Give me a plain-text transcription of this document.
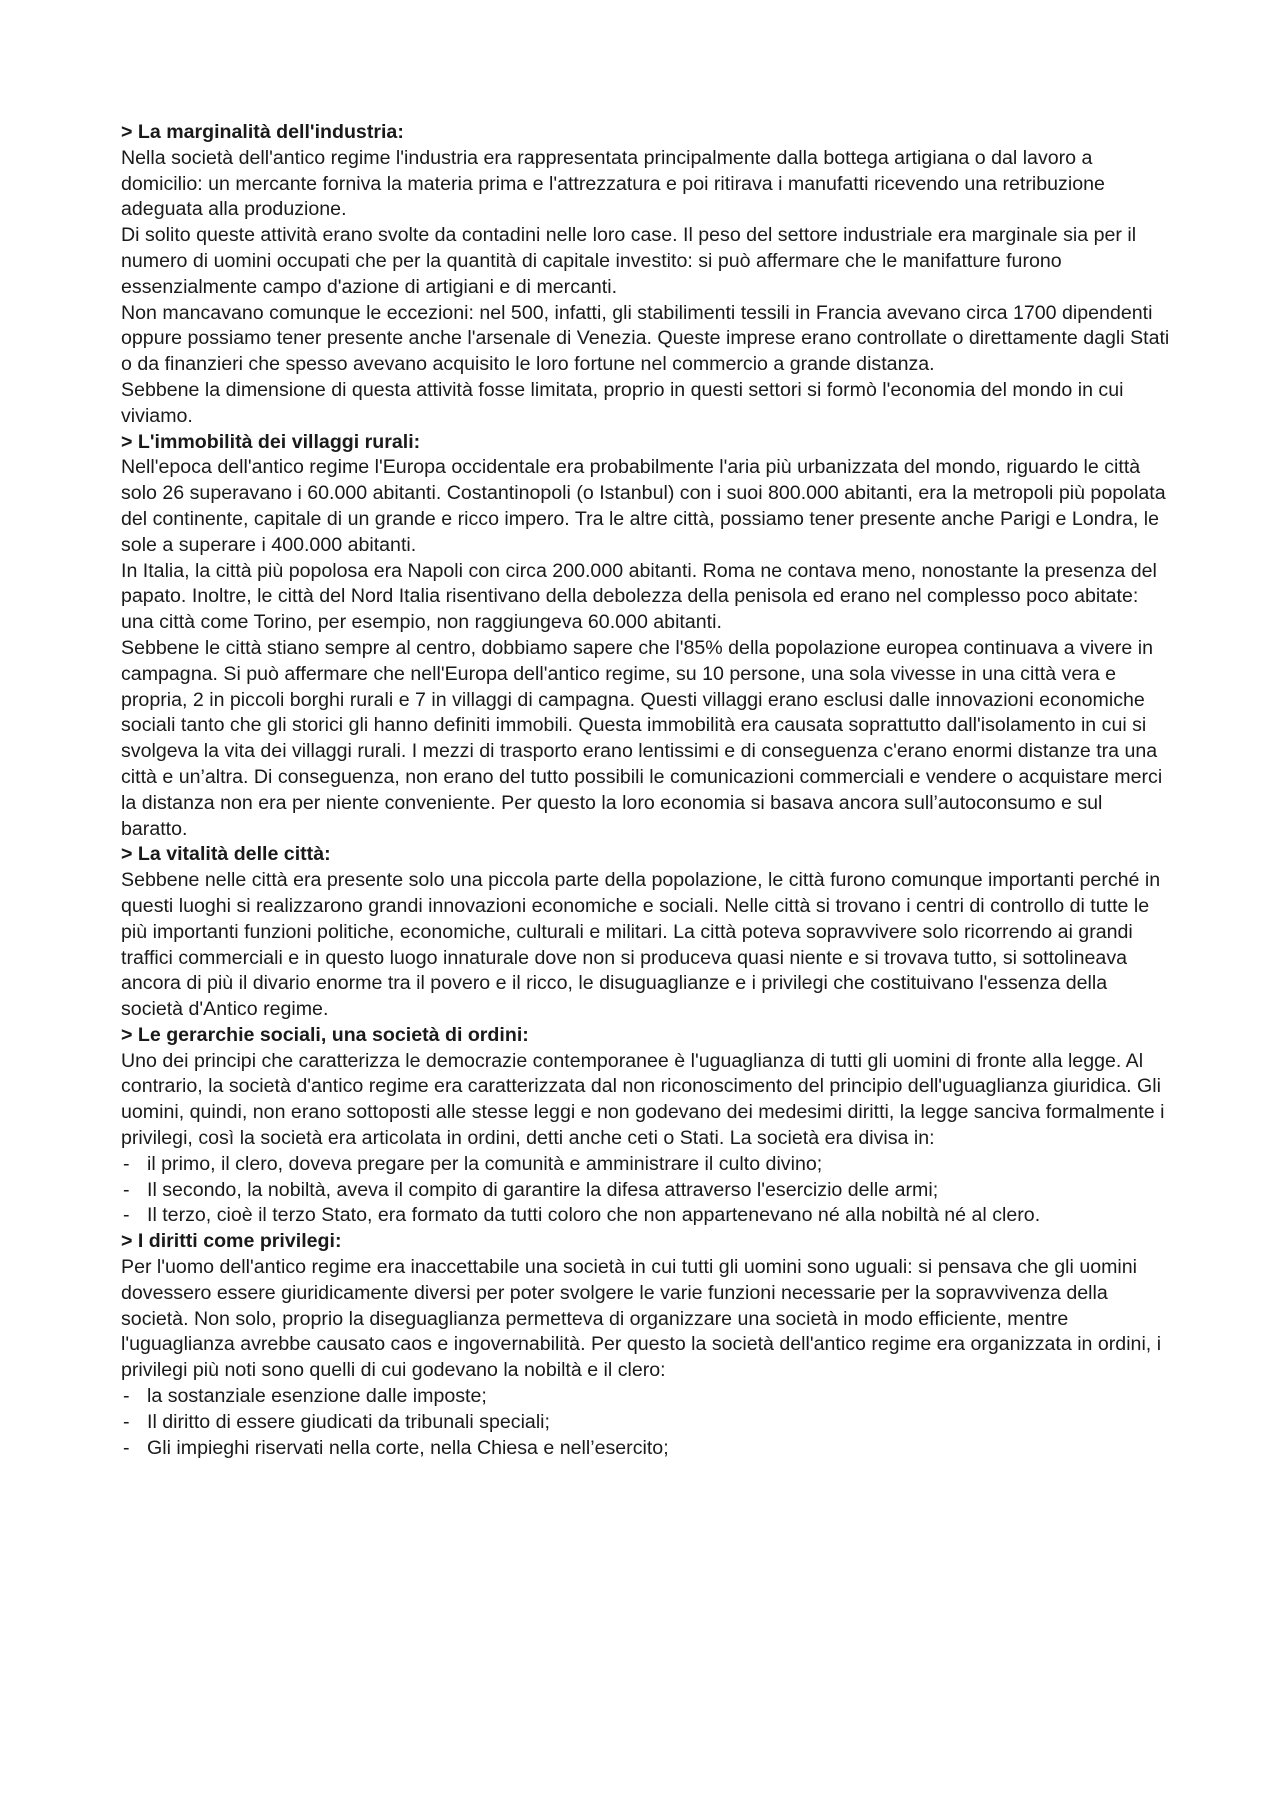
> La marginalità dell'industria:

Nella società dell'antico regime l'industria era rappresentata principalmente dalla bottega artigiana o dal lavoro a domicilio: un mercante forniva la materia prima e l'attrezzatura e poi ritirava i manufatti ricevendo una retribuzione adeguata alla produzione.

Di solito queste attività erano svolte da contadini nelle loro case. Il peso del settore industriale era marginale sia per il numero di uomini occupati che per la quantità di capitale investito: si può affermare che le manifatture furono essenzialmente campo d'azione di artigiani e di mercanti.

Non mancavano comunque le eccezioni: nel 500, infatti, gli stabilimenti tessili in Francia avevano circa 1700 dipendenti oppure possiamo tener presente anche l'arsenale di Venezia. Queste imprese erano controllate o direttamente dagli Stati o da finanzieri che spesso avevano acquisito le loro fortune nel commercio a grande distanza.

Sebbene la dimensione di questa attività fosse limitata, proprio in questi settori si formò l'economia del mondo in cui viviamo.

> L'immobilità dei villaggi rurali:

Nell'epoca dell'antico regime l'Europa occidentale era probabilmente l'aria più urbanizzata del mondo, riguardo le città solo 26 superavano i 60.000 abitanti. Costantinopoli (o Istanbul) con i suoi 800.000 abitanti, era la metropoli più popolata del continente, capitale di un grande e ricco impero. Tra le altre città, possiamo tener presente anche Parigi e Londra, le sole a superare i 400.000 abitanti.

In Italia, la città più popolosa era Napoli con circa 200.000 abitanti. Roma ne contava meno, nonostante la presenza del papato. Inoltre, le città del Nord Italia risentivano della debolezza della penisola ed erano nel complesso poco abitate: una città come Torino, per esempio, non raggiungeva 60.000 abitanti.

Sebbene le città stiano sempre al centro, dobbiamo sapere che l'85% della popolazione europea continuava a vivere in campagna. Si può affermare che nell'Europa dell'antico regime, su 10 persone, una sola vivesse in una città vera e propria, 2 in piccoli borghi rurali e 7 in villaggi di campagna. Questi villaggi erano esclusi dalle innovazioni economiche sociali tanto che gli storici gli hanno definiti immobili. Questa immobilità era causata soprattutto dall'isolamento in cui si svolgeva la vita dei villaggi rurali. I mezzi di trasporto erano lentissimi e di conseguenza c'erano enormi distanze tra una città e un’altra. Di conseguenza, non erano del tutto possibili le comunicazioni commerciali e vendere o acquistare merci la distanza non era per niente conveniente. Per questo la loro economia si basava ancora sull’autoconsumo e sul baratto.

> La vitalità delle città:

Sebbene nelle città era presente solo una piccola parte della popolazione, le città furono comunque importanti perché in questi luoghi si realizzarono grandi innovazioni economiche e sociali. Nelle città si trovano i centri di controllo di tutte le più importanti funzioni politiche, economiche, culturali e militari. La città poteva sopravvivere solo ricorrendo ai grandi traffici commerciali e in questo luogo innaturale dove non si produceva quasi niente e si trovava tutto, si sottolineava ancora di più il divario enorme tra il povero e il ricco, le disuguaglianze e i privilegi che costituivano l'essenza della società d'Antico regime.

> Le gerarchie sociali, una società di ordini:

Uno dei principi che caratterizza le democrazie contemporanee è l'uguaglianza di tutti gli uomini di fronte alla legge. Al contrario, la società d'antico regime era caratterizzata dal non riconoscimento del principio dell'uguaglianza giuridica. Gli uomini, quindi, non erano sottoposti alle stesse leggi e non godevano dei medesimi diritti, la legge sanciva formalmente i privilegi, così la società era articolata in ordini, detti anche ceti o Stati. La società era divisa in:

- il primo, il clero, doveva pregare per la comunità e amministrare il culto divino;
- Il secondo, la nobiltà, aveva il compito di garantire la difesa attraverso l'esercizio delle armi;
- Il terzo, cioè il terzo Stato, era formato da tutti coloro che non appartenevano né alla nobiltà né al clero.

> I diritti come privilegi:

Per l'uomo dell'antico regime era inaccettabile una società in cui tutti gli uomini sono uguali: si pensava che gli uomini dovessero essere giuridicamente diversi per poter svolgere le varie funzioni necessarie per la sopravvivenza della società. Non solo, proprio la diseguaglianza permetteva di organizzare una società in modo efficiente, mentre l'uguaglianza avrebbe causato caos e ingovernabilità. Per questo la società dell'antico regime era organizzata in ordini, i privilegi più noti sono quelli di cui godevano la nobiltà e il clero:

- la sostanziale esenzione dalle imposte;
- Il diritto di essere giudicati da tribunali speciali;
- Gli impieghi riservati nella corte, nella Chiesa e nell’esercito;
